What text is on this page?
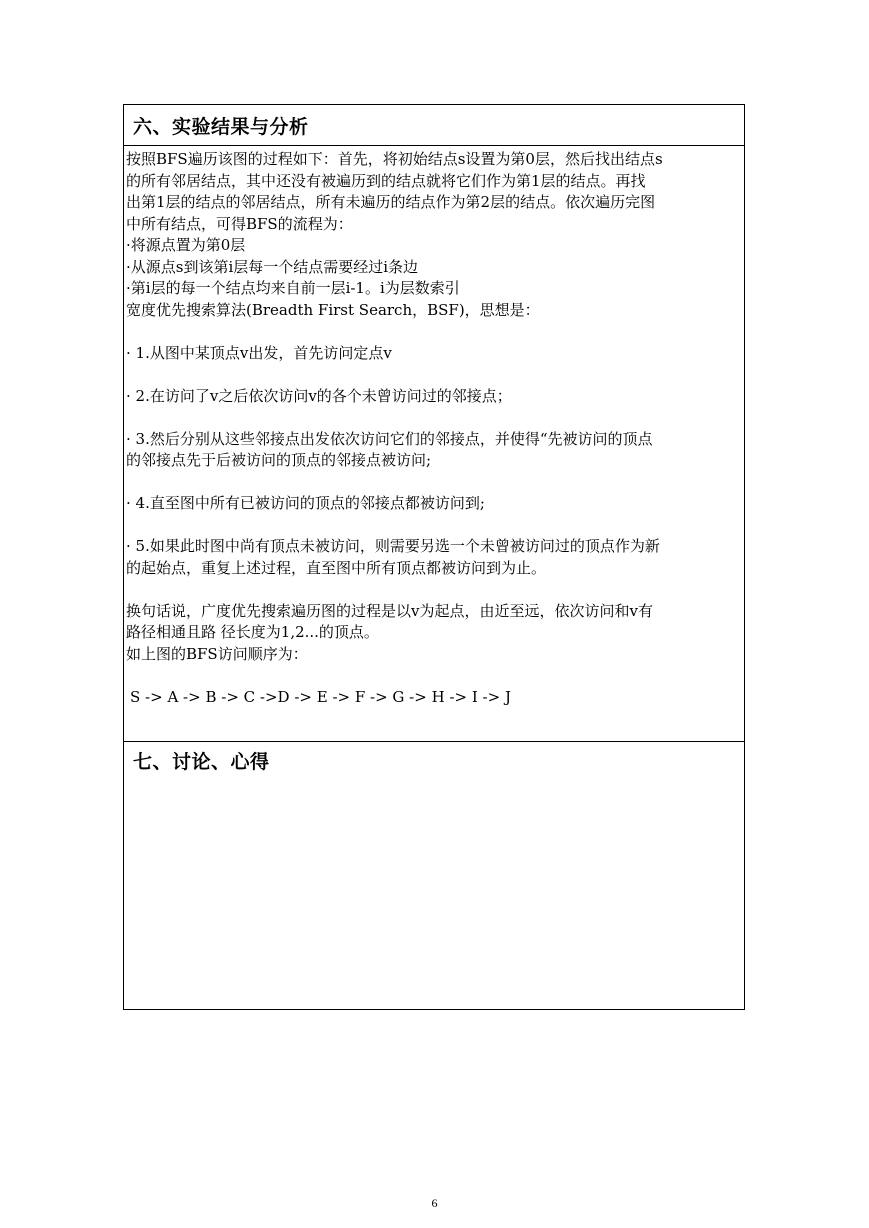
六、实验结果与分析

按照BFS遍历该图的过程如下：首先，将初始结点s设置为第0层，然后找出结点s

的所有邻居结点，其中还没有被遍历到的结点就将它们作为第1层的结点。再找

出第1层的结点的邻居结点，所有未遍历的结点作为第2层的结点。依次遍历完图

中所有结点，可得BFS的流程为：

·将源点置为第0层

·从源点s到该第i层每一个结点需要经过i条边

·第i层的每一个结点均来自前一层i-1。i为层数索引

宽度优先搜索算法(Breadth First Search，BSF)，思想是：

· 1.从图中某顶点v出发，首先访问定点v

· 2.在访问了v之后依次访问v的各个未曾访问过的邻接点；

· 3.然后分别从这些邻接点出发依次访问它们的邻接点，并使得“先被访问的顶点

的邻接点先于后被访问的顶点的邻接点被访问;

· 4.直至图中所有已被访问的顶点的邻接点都被访问到;

· 5.如果此时图中尚有顶点未被访问，则需要另选一个未曾被访问过的顶点作为新

的起始点，重复上述过程，直至图中所有顶点都被访问到为止。

换句话说，广度优先搜索遍历图的过程是以v为起点，由近至远，依次访问和v有

路径相通且路 径长度为1,2...的顶点。

如上图的BFS访问顺序为：

S -> A -> B -> C ->D -> E -> F -> G -> H -> I -> J

七、讨论、心得
6
